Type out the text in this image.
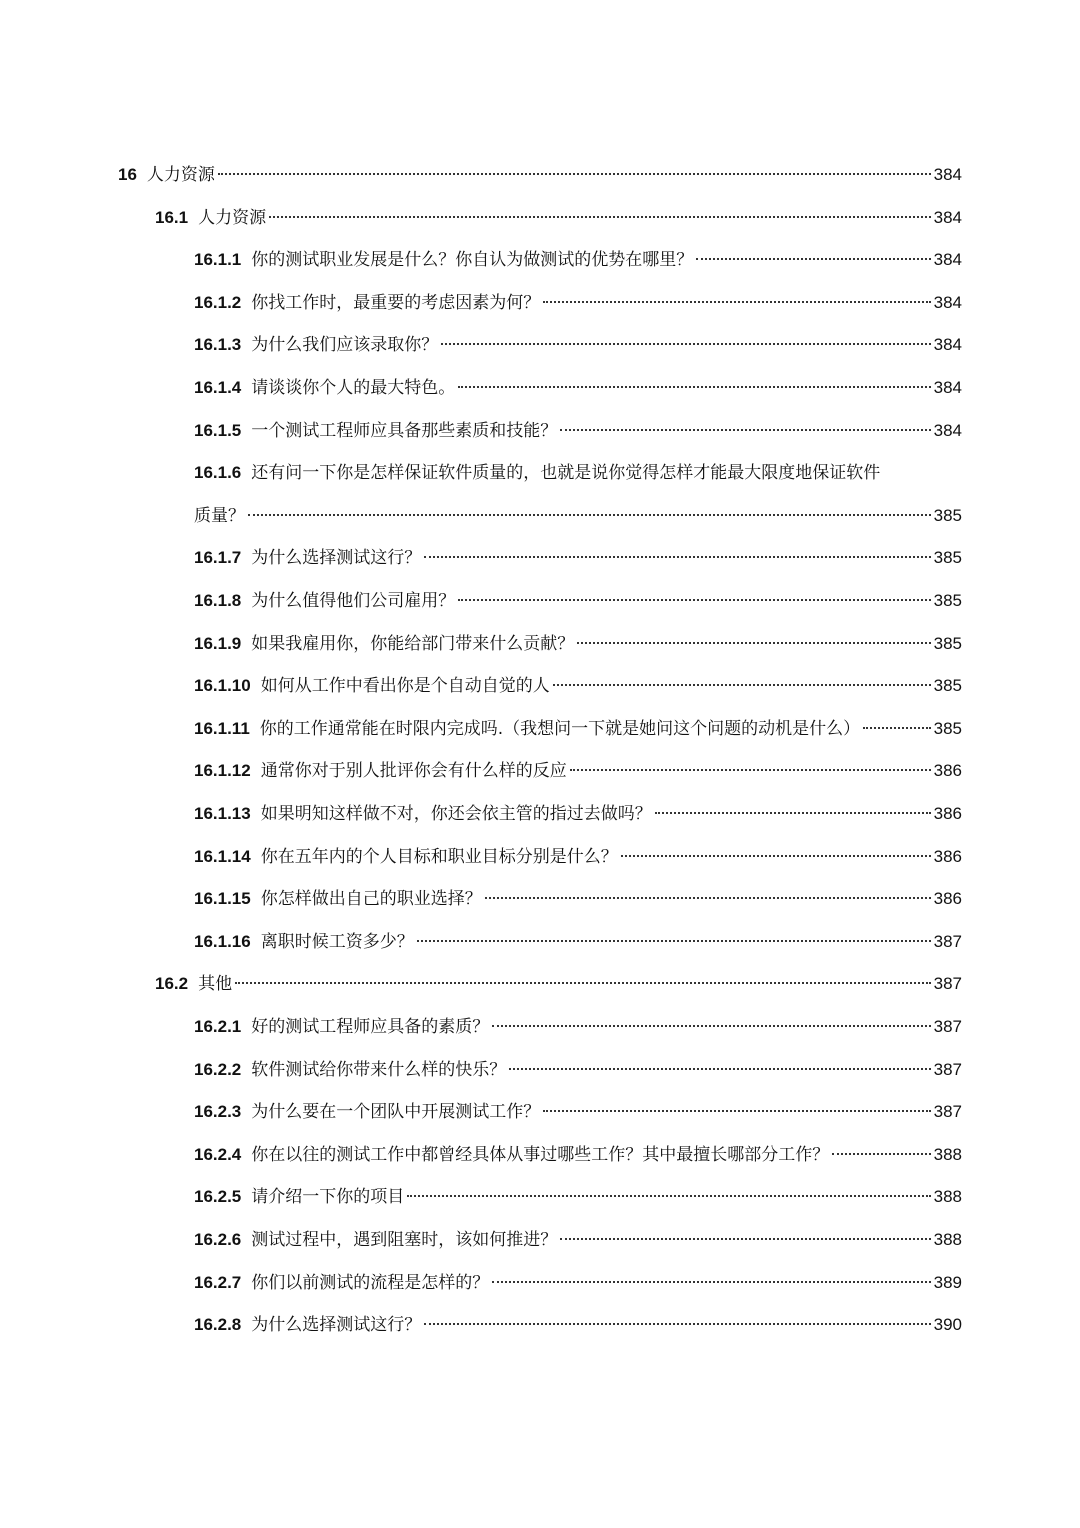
16 人力资源	384
16.1 人力资源	384
16.1.1 你的测试职业发展是什么？你自认为做测试的优势在哪里？	384
16.1.2 你找工作时，最重要的考虑因素为何？	384
16.1.3 为什么我们应该录取你？	384
16.1.4 请谈谈你个人的最大特色。	384
16.1.5 一个测试工程师应具备那些素质和技能？	384
16.1.6 还有问一下你是怎样保证软件质量的，也就是说你觉得怎样才能最大限度地保证软件
质量？	385
16.1.7 为什么选择测试这行？	385
16.1.8 为什么值得他们公司雇用？	385
16.1.9 如果我雇用你，你能给部门带来什么贡献？	385
16.1.10 如何从工作中看出你是个自动自觉的人	385
16.1.11 你的工作通常能在时限内完成吗.（我想问一下就是她问这个问题的动机是什么）	385
16.1.12 通常你对于别人批评你会有什么样的反应	386
16.1.13 如果明知这样做不对，你还会依主管的指过去做吗？	386
16.1.14 你在五年内的个人目标和职业目标分别是什么？	386
16.1.15 你怎样做出自己的职业选择？	386
16.1.16 离职时候工资多少？	387
16.2 其他	387
16.2.1 好的测试工程师应具备的素质？	387
16.2.2 软件测试给你带来什么样的快乐？	387
16.2.3 为什么要在一个团队中开展测试工作？	387
16.2.4 你在以往的测试工作中都曾经具体从事过哪些工作？其中最擅长哪部分工作？	388
16.2.5 请介绍一下你的项目	388
16.2.6 测试过程中，遇到阻塞时，该如何推进？	388
16.2.7 你们以前测试的流程是怎样的？	389
16.2.8 为什么选择测试这行？	390
